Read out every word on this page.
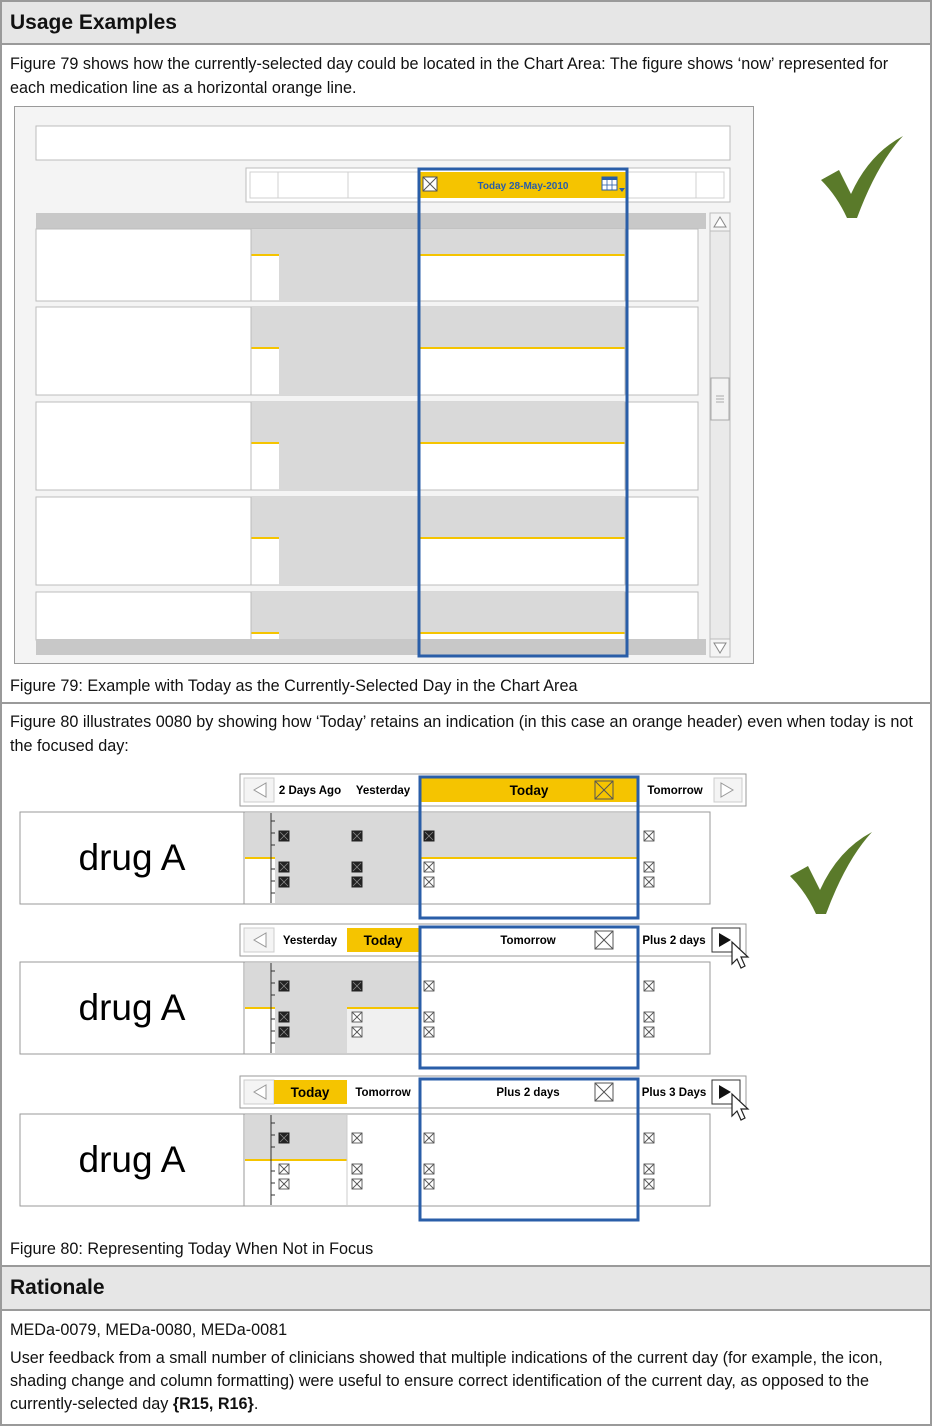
Usage Examples
Figure 79 shows how the currently-selected day could be located in the Chart Area: The figure shows ‘now’ represented for each medication line as a horizontal orange line.
Today 28-May-2010
Figure 79: Example with Today as the Currently-Selected Day in the Chart Area
Figure 80 illustrates 0080 by showing how ‘Today’ retains an indication (in this case an orange header) even when today is not the focused day:
2 Days Ago Yesterday	Today	Tomorrow
drug A
Yesterday Today	Tomorrow	Plus 2 days
drug A
Today Tomorrow	Plus 2 days	Plus 3 Days
drug A
Figure 80: Representing Today When Not in Focus
Rationale
MEDa-0079, MEDa-0080, MEDa-0081
User feedback from a small number of clinicians showed that multiple indications of the current day (for example, the icon, shading change and column formatting) were useful to ensure correct identification of the current day, as opposed to the currently-selected day {R15, R16}.
